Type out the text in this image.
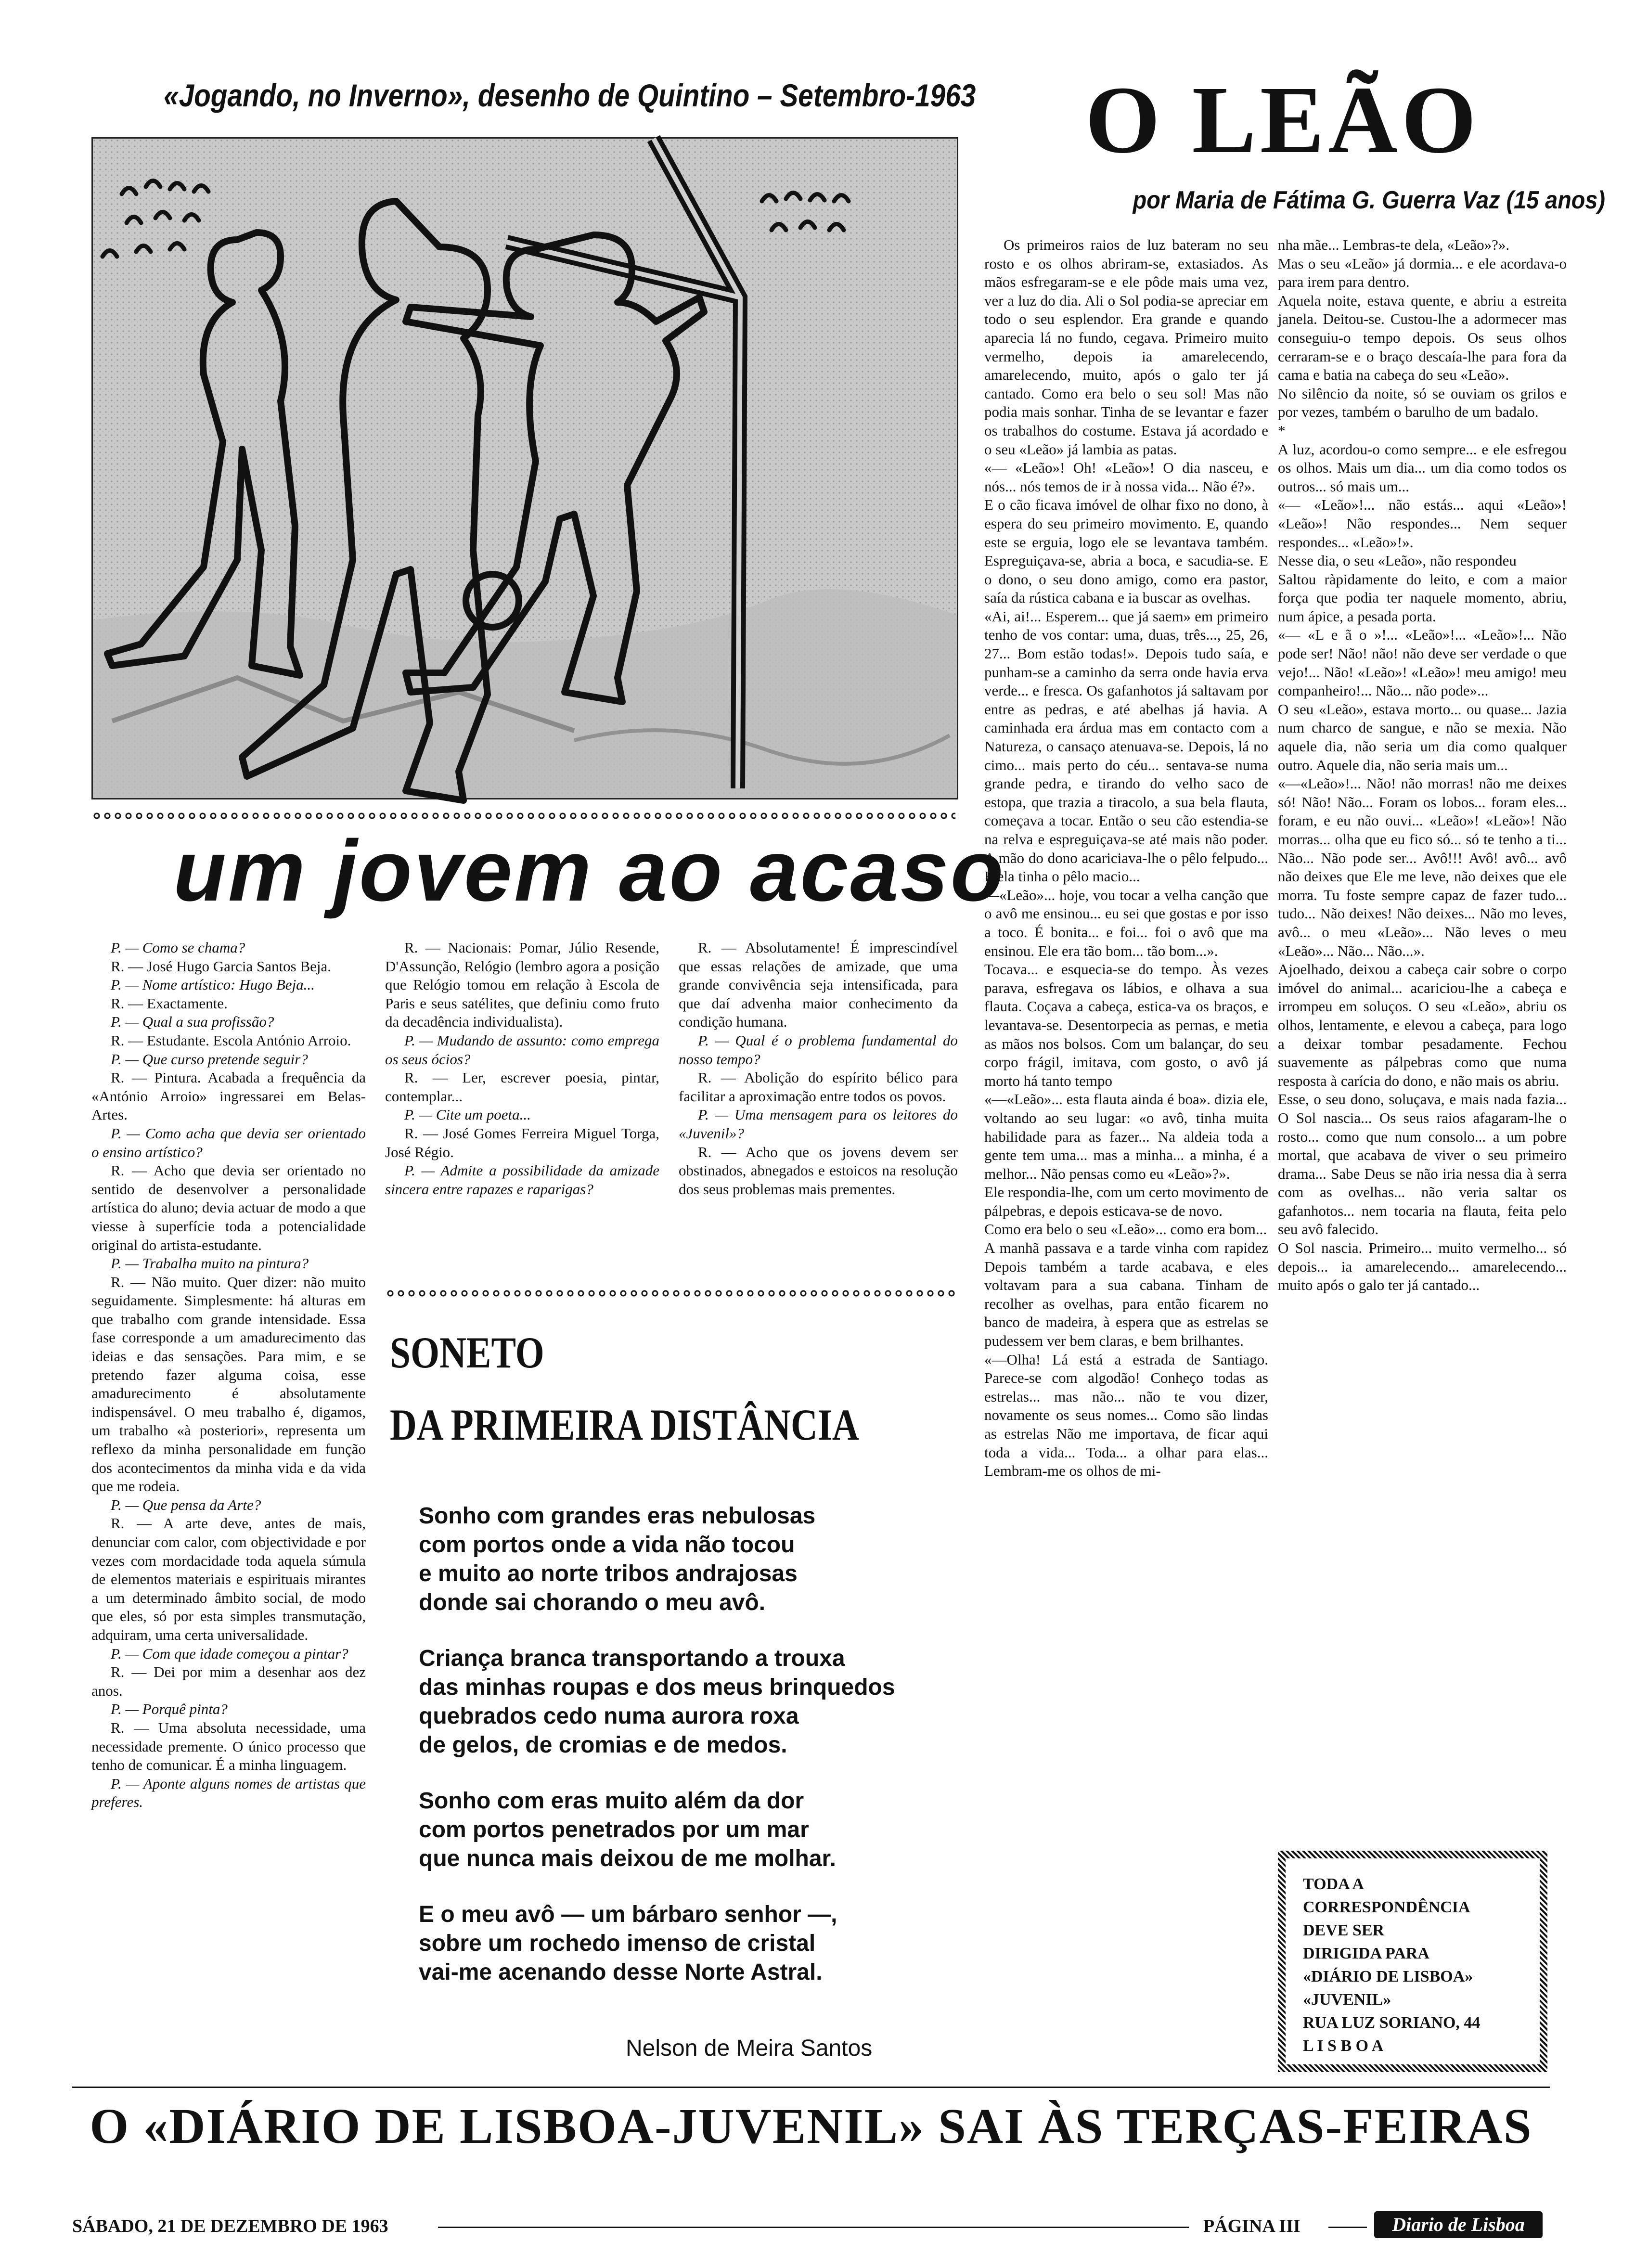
«Jogando, no Inverno», desenho de Quintino – Setembro-1963 O LEÃO
por Maria de Fátima G. Guerra Vaz (15 anos)

Os primeiros raios de luz bateram no seu rosto e os olhos abriram-se, extasiados. As mãos esfregaram-se e ele pôde mais uma vez, ver a luz do dia. Ali o Sol podia-se apreciar em todo o seu esplendor. Era grande e quando aparecia lá no fundo, cegava. Primeiro muito vermelho, depois ia amarelecendo, amarelecendo, muito, após o galo ter já cantado. Como era belo o seu sol! Mas não podia mais sonhar. Tinha de se levantar e fazer os trabalhos do costume. Estava já acordado e o seu «Leão» já lambia as patas.
«— «Leão»! Oh! «Leão»! O dia nasceu, e nós... nós temos de ir à nossa vida... Não é?».
E o cão ficava imóvel de olhar fixo no dono, à espera do seu primeiro movimento. E, quando este se erguia, logo ele se levantava também. Espreguiçava-se, abria a boca, e sacudia-se. E o dono, o seu dono amigo, como era pastor, saía da rústica cabana e ia buscar as ovelhas.
«Ai, ai!... Esperem... que já saem» em primeiro tenho de vos contar: uma, duas, três..., 25, 26, 27... Bom estão todas!». Depois tudo saía, e punham-se a caminho da serra onde havia erva verde... e fresca. Os gafanhotos já saltavam por entre as pedras, e até abelhas já havia. A caminhada era árdua mas em contacto com a Natureza, o cansaço atenuava-se. Depois, lá no cimo... mais perto do céu... sentava-se numa grande pedra, e tirando do velho saco de estopa, que trazia a tiracolo, a sua bela flauta, começava a tocar. Então o seu cão estendia-se na relva e espreguiçava-se até mais não poder. A mão do dono acariciava-lhe o pêlo felpudo... E ela tinha o pêlo macio...
—«Leão»... hoje, vou tocar a velha canção que o avô me ensinou... eu sei que gostas e por isso a toco. É bonita... e foi... foi o avô que ma ensinou. Ele era tão bom... tão bom...».
Tocava... e esquecia-se do tempo. Às vezes parava, esfregava os lábios, e olhava a sua flauta. Coçava a cabeça, estica-va os braços, e levantava-se. Desentorpecia as pernas, e metia as mãos nos bolsos. Com um balançar, do seu corpo frágil, imitava, com gosto, o avô já morto há tanto tempo
«—«Leão»... esta flauta ainda é boa». dizia ele, voltando ao seu lugar: «o avô, tinha muita habilidade para as fazer... Na aldeia toda a gente tem uma... mas a minha... a minha, é a melhor... Não pensas como eu «Leão»?».
Ele respondia-lhe, com um certo movimento de pálpebras, e depois esticava-se de novo.
Como era belo o seu «Leão»... como era bom...
A manhã passava e a tarde vinha com rapidez Depois também a tarde acabava, e eles voltavam para a sua cabana. Tinham de recolher as ovelhas, para então ficarem no banco de madeira, à espera que as estrelas se pudessem ver bem claras, e bem brilhantes.
«—Olha! Lá está a estrada de Santiago. Parece-se com algodão! Conheço todas as estrelas... mas não... não te vou dizer, novamente os seus nomes... Como são lindas as estrelas Não me importava, de ficar aqui toda a vida... Toda... a olhar para elas... Lembram-me os olhos de mi-

nha mãe... Lembras-te dela, «Leão»?».
Mas o seu «Leão» já dormia... e ele acordava-o para irem para dentro.
Aquela noite, estava quente, e abriu a estreita janela. Deitou-se. Custou-lhe a adormecer mas conseguiu-o tempo depois. Os seus olhos cerraram-se e o braço descaía-lhe para fora da cama e batia na cabeça do seu «Leão».
No silêncio da noite, só se ouviam os grilos e por vezes, também o barulho de um badalo.
*
A luz, acordou-o como sempre... e ele esfregou os olhos. Mais um dia... um dia como todos os outros... só mais um...
«— «Leão»!... não estás... aqui «Leão»! «Leão»! Não respondes... Nem sequer respondes... «Leão»!».
Nesse dia, o seu «Leão», não respondeu
Saltou ràpidamente do leito, e com a maior força que podia ter naquele momento, abriu, num ápice, a pesada porta.
«— «L e ã o »!... «Leão»!... «Leão»!... Não pode ser! Não! não! não deve ser verdade o que vejo!... Não! «Leão»! «Leão»! meu amigo! meu companheiro!... Não... não pode»...
O seu «Leão», estava morto... ou quase... Jazia num charco de sangue, e não se mexia. Não aquele dia, não seria um dia como qualquer outro. Aquele dia, não seria mais um...
«—«Leão»!... Não! não morras! não me deixes só! Não! Não... Foram os lobos... foram eles... foram, e eu não ouvi... «Leão»! «Leão»! Não morras... olha que eu fico só... só te tenho a ti... Não... Não pode ser... Avô!!! Avô! avô... avô não deixes que Ele me leve, não deixes que ele morra. Tu foste sempre capaz de fazer tudo... tudo... Não deixes! Não deixes... Não mo leves, avô... o meu «Leão»... Não leves o meu «Leão»... Não... Não...».
Ajoelhado, deixou a cabeça cair sobre o corpo imóvel do animal... acariciou-lhe a cabeça e irrompeu em soluços. O seu «Leão», abriu os olhos, lentamente, e elevou a cabeça, para logo a deixar tombar pesadamente. Fechou suavemente as pálpebras como que numa resposta à carícia do dono, e não mais os abriu.
Esse, o seu dono, soluçava, e mais nada fazia... O Sol nascia... Os seus raios afagaram-lhe o rosto... como que num consolo... a um pobre mortal, que acabava de viver o seu primeiro drama... Sabe Deus se não iria nessa dia à serra com as ovelhas... não veria saltar os gafanhotos... nem tocaria na flauta, feita pelo seu avô falecido.
O Sol nascia. Primeiro... muito vermelho... só depois... ia amarelecendo... amarelecendo... muito após o galo ter já cantado...

TODA A
CORRESPONDÊNCIA
DEVE SER
DIRIGIDA PARA
«DIÁRIO DE LISBOA»
«JUVENIL»
RUA LUZ SORIANO, 44
L I S B O A

um jovem ao acaso

P. — Como se chama?

R. — José Hugo Garcia Santos Beja.

P. — Nome artístico: Hugo Beja...

R. — Exactamente.

P. — Qual a sua profissão?

R. — Estudante. Escola António Arroio.

P. — Que curso pretende seguir?

R. — Pintura. Acabada a frequência da «António Arroio» ingressarei em Belas-Artes.

P. — Como acha que devia ser orientado o ensino artístico?

R. — Acho que devia ser orientado no sentido de desenvolver a personalidade artística do aluno; devia actuar de modo a que viesse à superfície toda a potencialidade original do artista-estudante.

P. — Trabalha muito na pintura?

R. — Não muito. Quer dizer: não muito seguidamente. Simplesmente: há alturas em que trabalho com grande intensidade. Essa fase corresponde a um amadurecimento das ideias e das sensações. Para mim, e se pretendo fazer alguma coisa, esse amadurecimento é absolutamente indispensável. O meu trabalho é, digamos, um trabalho «à posteriori», representa um reflexo da minha personalidade em função dos acontecimentos da minha vida e da vida que me rodeia.

P. — Que pensa da Arte?

R. — A arte deve, antes de mais, denunciar com calor, com objectividade e por vezes com mordacidade toda aquela súmula de elementos materiais e espirituais mirantes a um determinado âmbito social, de modo que eles, só por esta simples transmutação, adquiram, uma certa universalidade.

P. — Com que idade começou a pintar?

R. — Dei por mim a desenhar aos dez anos.

P. — Porquê pinta?

R. — Uma absoluta necessidade, uma necessidade premente. O único processo que tenho de comunicar. É a minha linguagem.

P. — Aponte alguns nomes de artistas que preferes.

R. — Nacionais: Pomar, Júlio Resende, D'Assunção, Relógio (lembro agora a posição que Relógio tomou em relação à Escola de Paris e seus satélites, que definiu como fruto da decadência individualista).

P. — Mudando de assunto: como emprega os seus ócios?

R. — Ler, escrever poesia, pintar, contemplar...

P. — Cite um poeta...

R. — José Gomes Ferreira Miguel Torga, José Régio.

P. — Admite a possibilidade da amizade sincera entre rapazes e raparigas?

R. — Absolutamente! É imprescindível que essas relações de amizade, que uma grande convivência seja intensificada, para que daí advenha maior conhecimento da condição humana.

P. — Qual é o problema fundamental do nosso tempo?

R. — Abolição do espírito bélico para facilitar a aproximação entre todos os povos.

P. — Uma mensagem para os leitores do «Juvenil»?

R. — Acho que os jovens devem ser obstinados, abnegados e estoicos na resolução dos seus problemas mais prementes.

SONETO
DA PRIMEIRA DISTÂNCIA

Sonho com grandes eras nebulosas
com portos onde a vida não tocou
e muito ao norte tribos andrajosas
donde sai chorando o meu avô.

Criança branca transportando a trouxa
das minhas roupas e dos meus brinquedos
quebrados cedo numa aurora roxa
de gelos, de cromias e de medos.

Sonho com eras muito além da dor
com portos penetrados por um mar
que nunca mais deixou de me molhar.

E o meu avô — um bárbaro senhor —,
sobre um rochedo imenso de cristal
vai-me acenando desse Norte Astral.

Nelson de Meira Santos
O «DIÁRIO DE LISBOA-JUVENIL» SAI ÀS TERÇAS-FEIRAS
SÁBADO, 21 DE DEZEMBRO DE 1963	PÁGINA III	Diario de Lisboa
